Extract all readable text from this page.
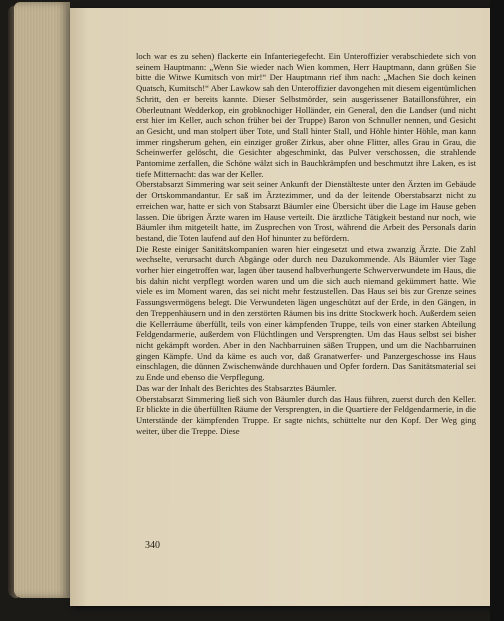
loch war es zu sehen) flackerte ein Infanteriegefecht. Ein Unteroffizier verabschiedete sich von seinem Hauptmann: „Wenn Sie wieder nach Wien kommen, Herr Hauptmann, dann grüßen Sie bitte die Witwe Kumitsch von mir!“ Der Hauptmann rief ihm nach: „Machen Sie doch keinen Quatsch, Kumitsch!“ Aber Lawkow sah den Unteroffizier davongehen mit diesem eigentümlichen Schritt, den er bereits kannte. Dieser Selbstmörder, sein ausgerissener Bataillonsführer, ein Oberleutnant Wedderkop, ein grobknochiger Holländer, ein General, den die Landser (und nicht erst hier im Keller, auch schon früher bei der Truppe) Baron von Schnuller nennen, und Gesicht an Gesicht, und man stolpert über Tote, und Stall hinter Stall, und Höhle hinter Höhle, man kann immer ringsherum gehen, ein einziger großer Zirkus, aber ohne Flitter, alles Grau in Grau, die Scheinwerfer gelöscht, die Gesichter abgeschminkt, das Pulver verschossen, die strahlende Pantomime zerfallen, die Schöne wälzt sich in Bauchkrämpfen und beschmutzt ihre Laken, es ist tiefe Mitternacht: das war der Keller.

Oberstabsarzt Simmering war seit seiner Ankunft der Dienstälteste unter den Ärzten im Gebäude der Ortskommandantur. Er saß im Ärztezimmer, und da der leitende Oberstabsarzt nicht zu erreichen war, hatte er sich von Stabsarzt Bäumler eine Übersicht über die Lage im Hause geben lassen. Die übrigen Ärzte waren im Hause verteilt. Die ärztliche Tätigkeit bestand nur noch, wie Bäumler ihm mitgeteilt hatte, im Zusprechen von Trost, während die Arbeit des Personals darin bestand, die Toten laufend auf den Hof hinunter zu befördern.

Die Reste einiger Sanitätskompanien waren hier eingesetzt und etwa zwanzig Ärzte. Die Zahl wechselte, verursacht durch Abgänge oder durch neu Dazukommende. Als Bäumler vier Tage vorher hier eingetroffen war, lagen über tausend halbverhungerte Schwerverwundete im Haus, die bis dahin nicht verpflegt worden waren und um die sich auch niemand gekümmert hatte. Wie viele es im Moment waren, das sei nicht mehr festzustellen. Das Haus sei bis zur Grenze seines Fassungsvermögens belegt. Die Verwundeten lägen ungeschützt auf der Erde, in den Gängen, in den Treppenhäusern und in den zerstörten Räumen bis ins dritte Stockwerk hoch. Außerdem seien die Kellerräume überfüllt, teils von einer kämpfenden Truppe, teils von einer starken Abteilung Feldgendarmerie, außerdem von Flüchtlingen und Versprengten. Um das Haus selbst sei bisher nicht gekämpft worden. Aber in den Nachbarruinen säßen Truppen, und um die Nachbarruinen gingen Kämpfe. Und da käme es auch vor, daß Granatwerfer- und Panzergeschosse ins Haus einschlagen, die dünnen Zwischenwände durchhauen und Opfer fordern. Das Sanitätsmaterial sei zu Ende und ebenso die Verpflegung.

Das war der Inhalt des Berichtes des Stabsarztes Bäumler.

Oberstabsarzt Simmering ließ sich von Bäumler durch das Haus führen, zuerst durch den Keller. Er blickte in die überfüllten Räume der Versprengten, in die Quartiere der Feldgendarmerie, in die Unterstände der kämpfenden Truppe. Er sagte nichts, schüttelte nur den Kopf. Der Weg ging weiter, über die Treppe. Diese

340
